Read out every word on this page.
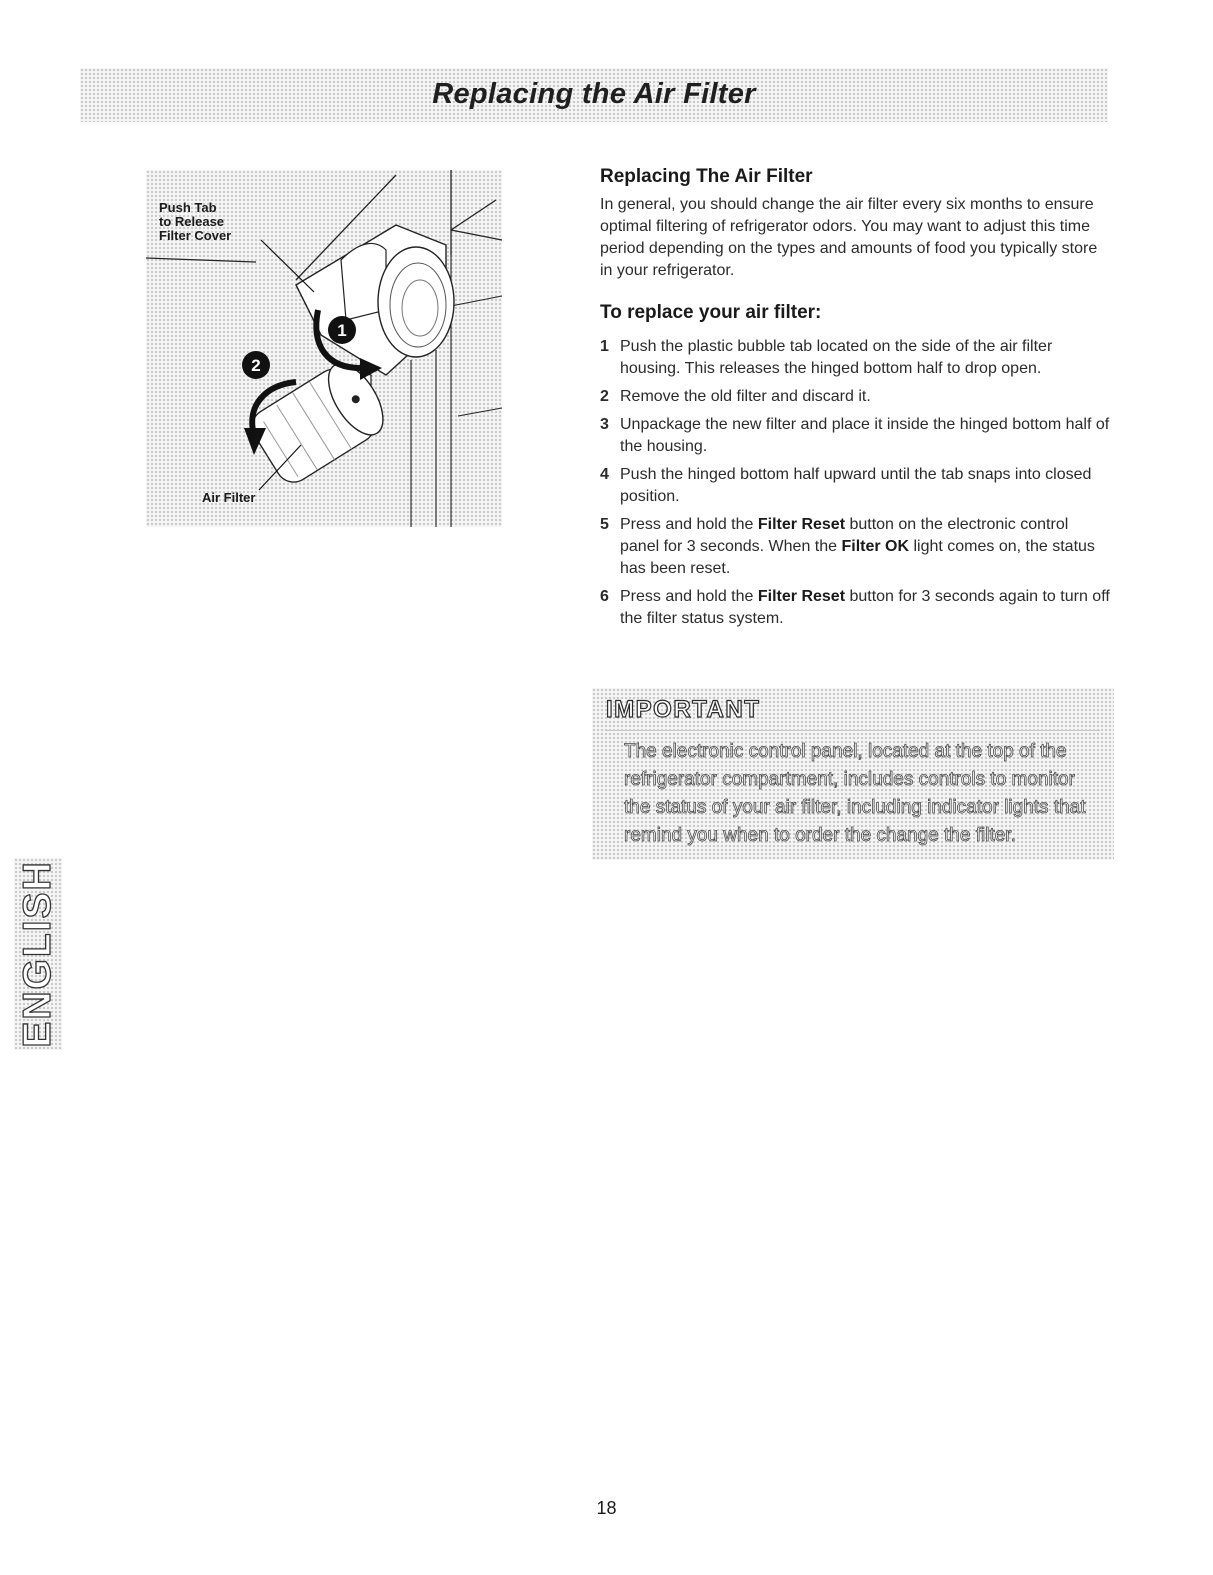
Replacing the Air Filter
1
2
Push Tab
to Release
Filter Cover
Air Filter
Replacing The Air Filter

In general, you should change the air filter every six months to ensure optimal filtering of refrigerator odors. You may want to adjust this time period depending on the types and amounts of food you typically store in your refrigerator.

To replace your air filter:
1 Push the plastic bubble tab located on the side of the air filter housing. This releases the hinged bottom half to drop open.
2 Remove the old filter and discard it.
3 Unpackage the new filter and place it inside the hinged bottom half of the housing.
4 Push the hinged bottom half upward until the tab snaps into closed position.
5 Press and hold the Filter Reset button on the electronic control panel for 3 seconds. When the Filter OK light comes on, the status has been reset.
6 Press and hold the Filter Reset button for 3 seconds again to turn off the filter status system.
IMPORTANT
The electronic control panel, located at the top of the refrigerator compartment, includes controls to monitor the status of your air filter, including indicator lights that remind you when to order the change the filter.
ENGLISH
18
